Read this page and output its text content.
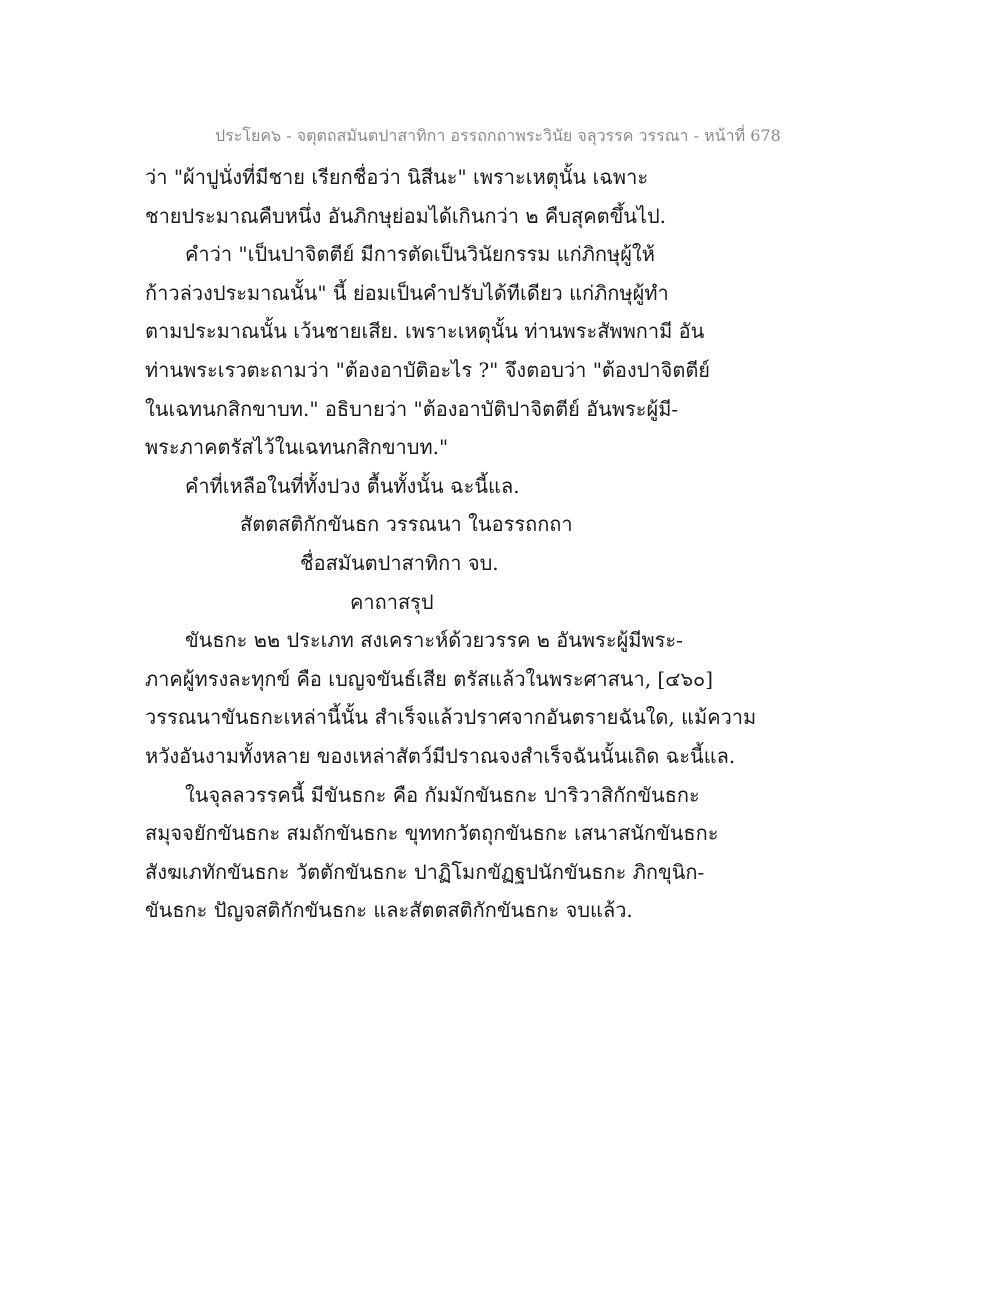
ประโยค๖ - จตุตถสมันตปาสาทิกา อรรถกถาพระวินัย จลุวรรค วรรณา - หน้าที่ 678
ว่า "ผ้าปูนั่งที่มีชาย เรียกชื่อว่า นิสีนะ" เพราะเหตุนั้น เฉพาะ
ชายประมาณคืบหนึ่ง อันภิกษุย่อมได้เกินกว่า ๒ คืบสุคตขึ้นไป.
คำว่า "เป็นปาจิตตีย์ มีการตัดเป็นวินัยกรรม แก่ภิกษุผู้ให้
ก้าวล่วงประมาณนั้น" นี้ ย่อมเป็นคำปรับได้ทีเดียว แก่ภิกษุผู้ทำ
ตามประมาณนั้น เว้นชายเสีย. เพราะเหตุนั้น ท่านพระสัพพกามี อัน
ท่านพระเรวตะถามว่า "ต้องอาบัติอะไร ?" จึงตอบว่า "ต้องปาจิตตีย์
ในเฉทนกสิกขาบท." อธิบายว่า "ต้องอาบัติปาจิตตีย์ อันพระผู้มี-
พระภาคตรัสไว้ในเฉทนกสิกขาบท."
คำที่เหลือในที่ทั้งปวง ตื้นทั้งนั้น ฉะนี้แล.
สัตตสติกักขันธก วรรณนา ในอรรถกถา
ชื่อสมันตปาสาทิกา จบ.
คาถาสรุป
ขันธกะ ๒๒ ประเภท สงเคราะห์ด้วยวรรค ๒ อันพระผู้มีพระ-
ภาคผู้ทรงละทุกข์ คือ เบญจขันธ์เสีย ตรัสแล้วในพระศาสนา, [๔๖๐]
วรรณนาขันธกะเหล่านี้นั้น สำเร็จแล้วปราศจากอันตรายฉันใด, แม้ความ
หวังอันงามทั้งหลาย ของเหล่าสัตว์มีปราณจงสำเร็จฉันนั้นเถิด ฉะนี้แล.
ในจุลลวรรคนี้ มีขันธกะ คือ กัมมักขันธกะ ปาริวาสิกักขันธกะ
สมุจจยักขันธกะ สมถักขันธกะ ขุททกวัตถุกขันธกะ เสนาสนักขันธกะ
สังฆเภทักขันธกะ วัตตักขันธกะ ปาฏิโมกขัฏฐปนักขันธกะ ภิกขุนิก-
ขันธกะ ปัญจสติกักขันธกะ และสัตตสติกักขันธกะ จบแล้ว.
